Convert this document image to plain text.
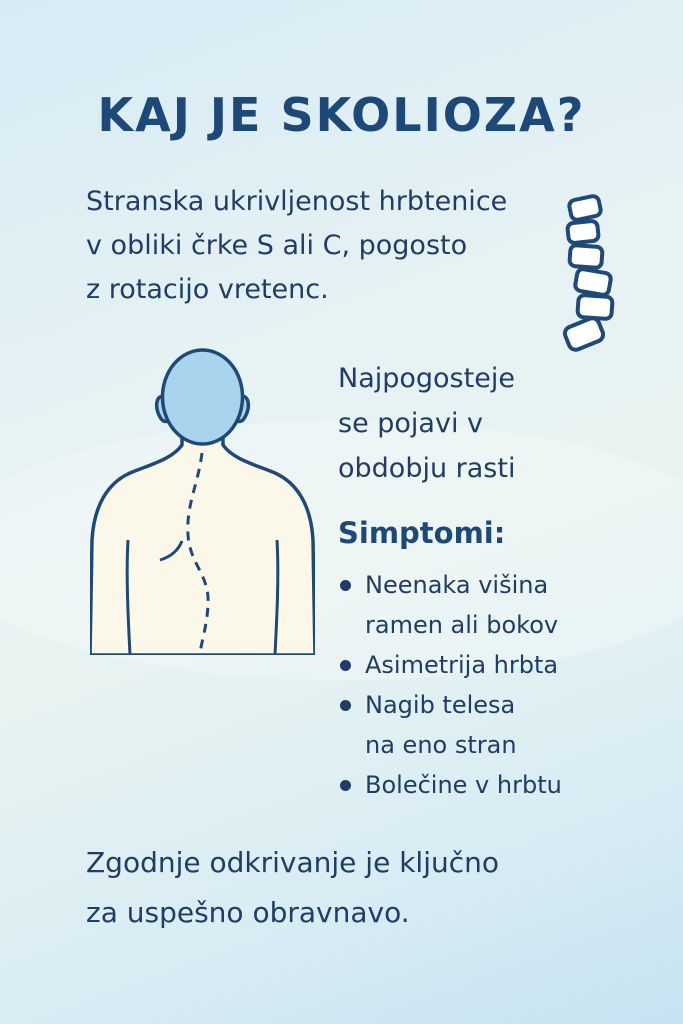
KAJ JE SKOLIOZA?
Stranska ukrivljenost hrbtenice
v obliki črke S ali C, pogosto
z rotacijo vretenc.
Najpogosteje
se pojavi v
obdobju rasti
Simptomi:
Neenaka višina
ramen ali bokov
Asimetrija hrbta
Nagib telesa
na eno stran
Bolečine v hrbtu
Zgodnje odkrivanje je ključno
za uspešno obravnavo.
